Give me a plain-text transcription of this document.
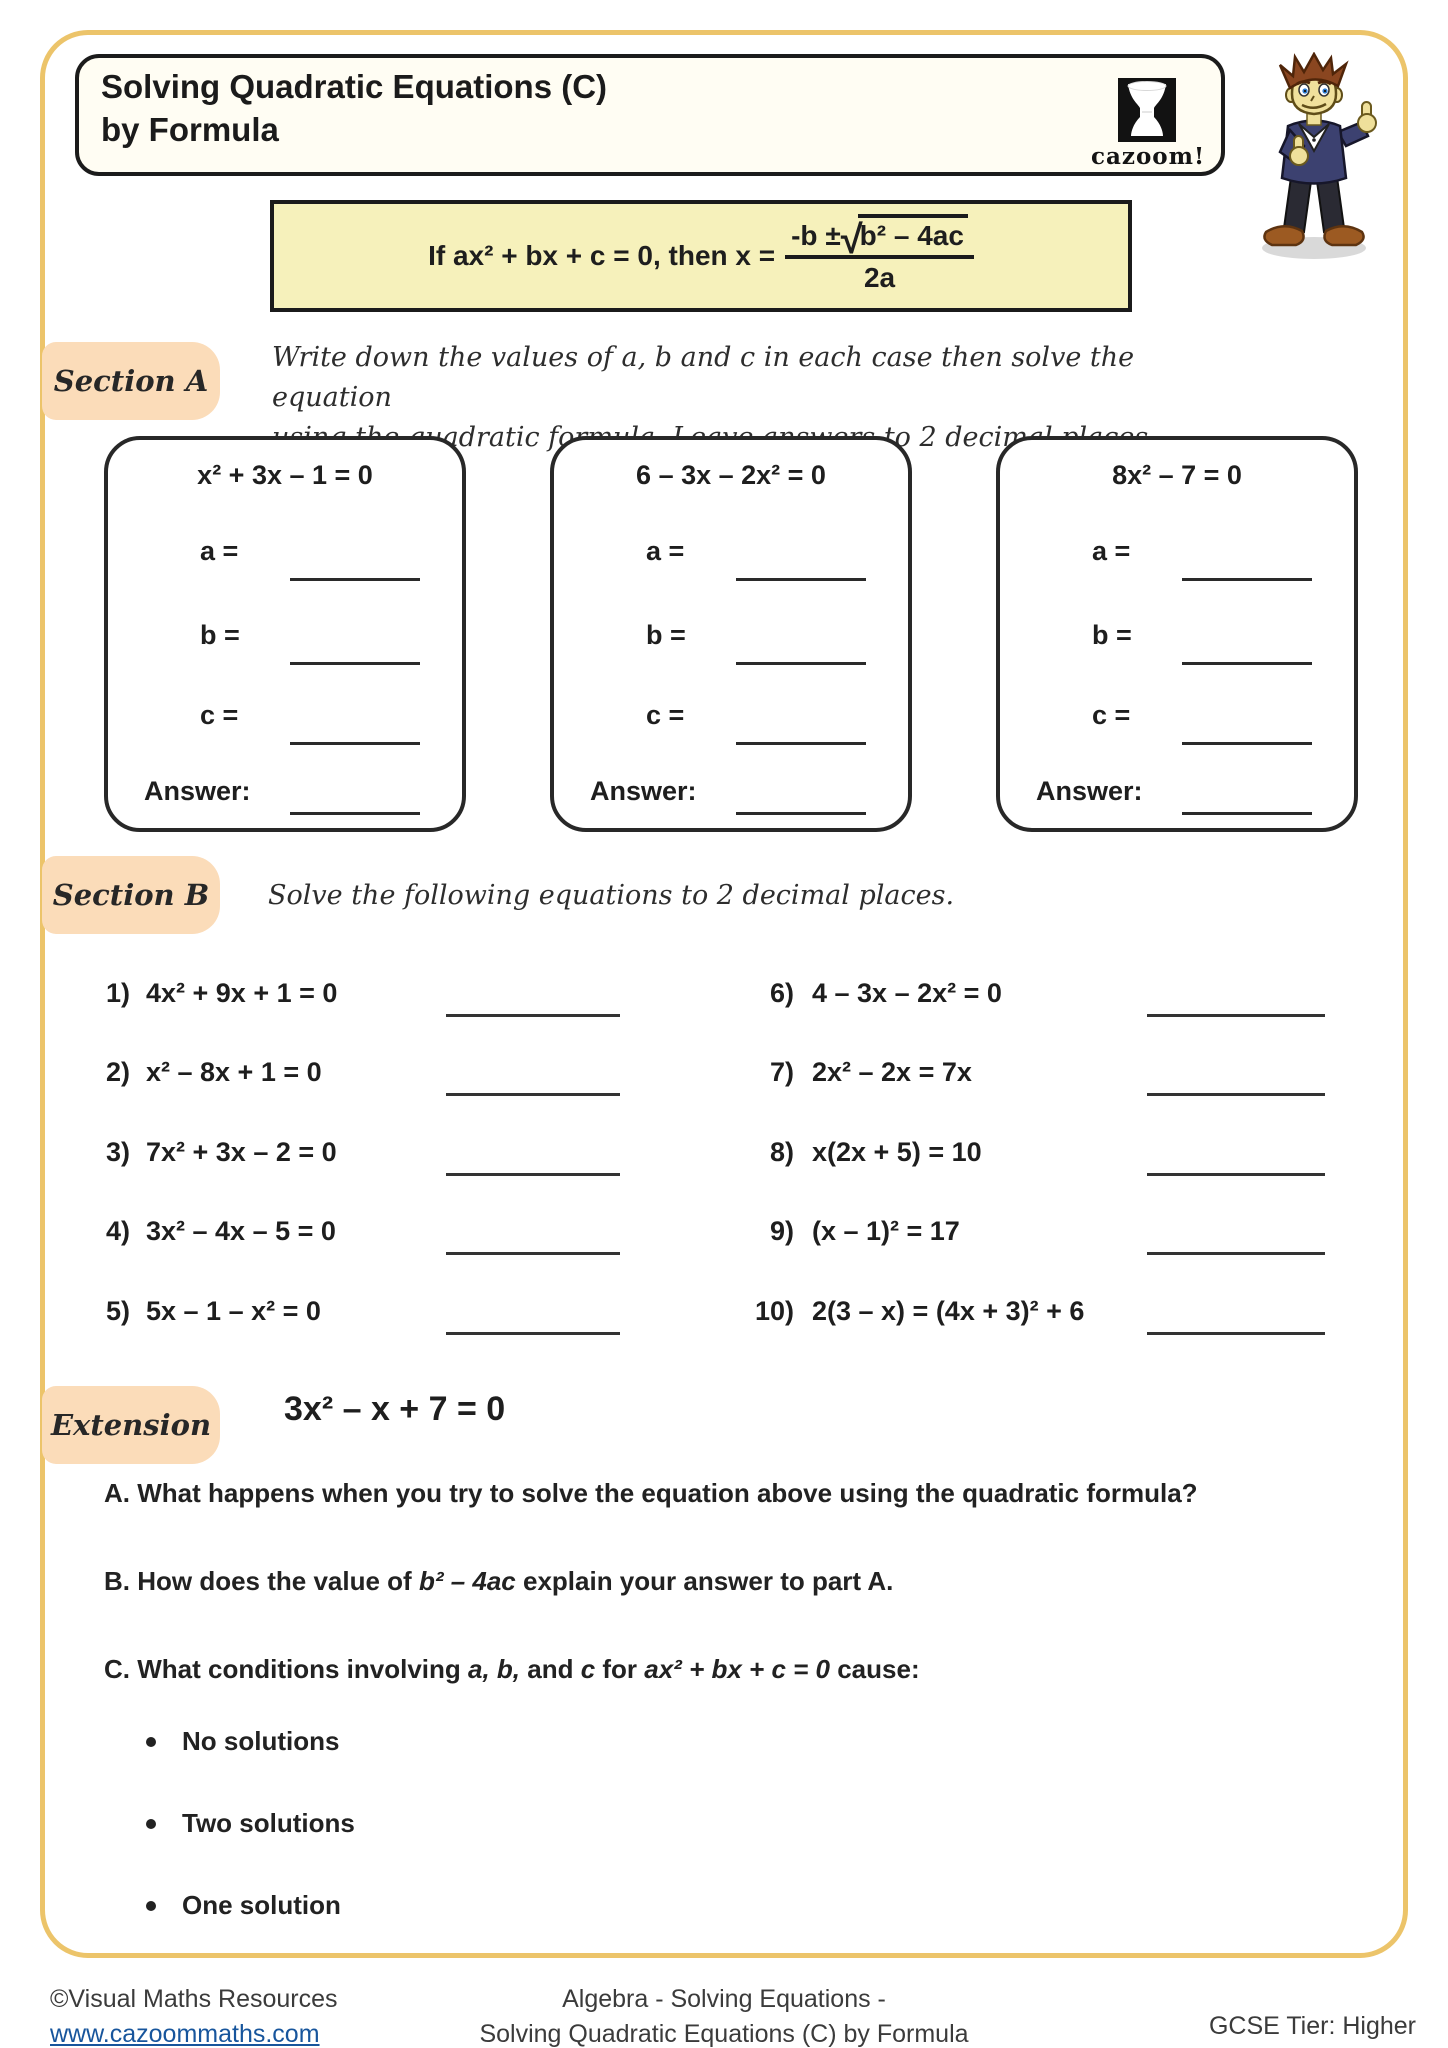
Solving Quadratic Equations (C)
by Formula
cazoom!
If ax² + bx + c = 0, then x = -b ± √
b² – 4ac
2a
Section A
Write down the values of a, b and c in each case then solve the equation
quadratic to 2 decimal
x² + 3x – 1 = 0
a =
b =
c =
Answer:
6 – 3x – 2x² = 0
a =
b =
c =
Answer:
8x² – 7 = 0
a =
b =
c =
Answer:
Section B	Solve the following equations to 2 decimal places.
1) 4x² + 9x + 1 = 0
2) x² – 8x + 1 = 0
3) 7x² + 3x – 2 = 0
4) 3x² – 4x – 5 = 0
5) 5x – 1 – x² = 0
6) 4 – 3x – 2x² = 0
7) 2x² – 2x = 7x
8) x(2x + 5) = 10
9) (x – 1)² = 17
10) 2(3 – x) = (4x + 3)² + 6
Extension 3x² – x + 7 = 0
A. What happens when you try to solve the equation above using the quadratic formula?
B. How does the value of b² – 4ac explain your answer to part A.
C. What conditions involving a, b, and c for ax² + bx + c = 0 cause:
No solutions
Two solutions
One solution
©Visual Maths Resources
www.cazoommaths.com
Algebra - Solving Equations -
Solving Quadratic Equations (C) by Formula	GCSE Tier: Higher
